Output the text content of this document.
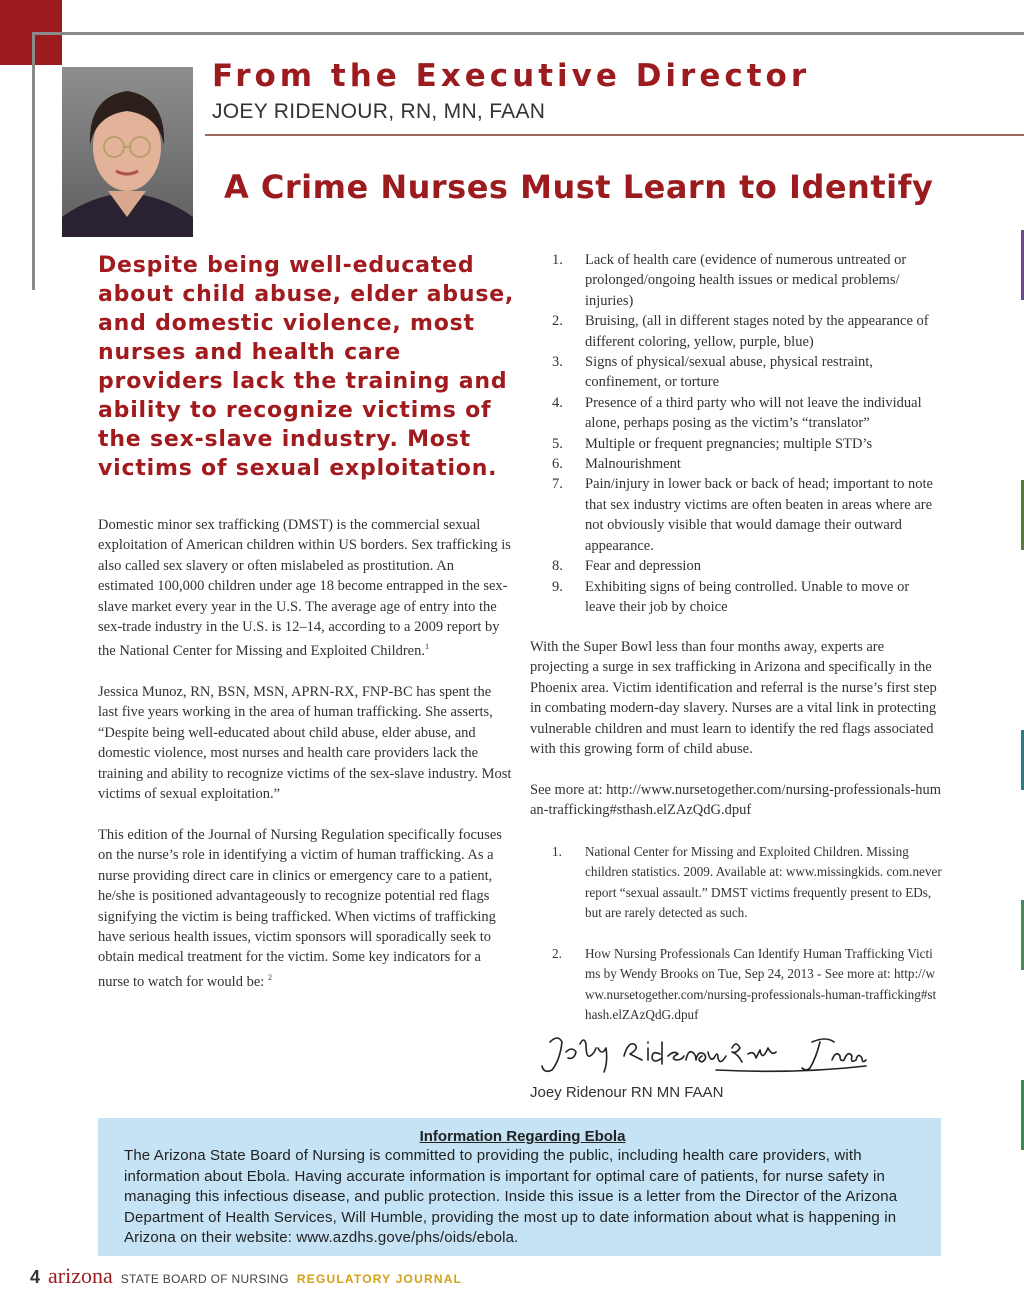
From the Executive Director
JOEY RIDENOUR, RN, MN, FAAN
A Crime Nurses Must Learn to Identify

Despite being well-educated about child abuse, elder abuse, and domestic violence, most nurses and health care providers lack the training and ability to recognize victims of the sex-slave industry. Most victims of sexual exploitation.

Domestic minor sex trafficking (DMST) is the commercial sexual exploitation of American children within US borders. Sex trafficking is also called sex slavery or often mislabeled as prostitution. An estimated 100,000 children under age 18 become entrapped in the sex-slave market every year in the U.S. The average age of entry into the sex-trade industry in the U.S. is 12–14, according to a 2009 report by the National Center for Missing and Exploited Children.$^1$

Jessica Munoz, RN, BSN, MSN, APRN-RX, FNP-BC has spent the last five years working in the area of human trafficking. She asserts, “Despite being well-educated about child abuse, elder abuse, and domestic violence, most nurses and health care providers lack the training and ability to recognize victims of the sex-slave industry. Most victims of sexual exploitation.”

This edition of the Journal of Nursing Regulation specifically focuses on the nurse’s role in identifying a victim of human trafficking. As a nurse providing direct care in clinics or emergency care to a patient, he/she is positioned advantageously to recognize potential red flags signifying the victim is being trafficked. When victims of trafficking have serious health issues, victim sponsors will sporadically seek to obtain medical treatment for the victim. Some key indicators for a nurse to watch for would be: $^2$

1.	Lack of health care (evidence of numerous untreated or prolonged/ongoing health issues or medical problems/ injuries)
2.	Bruising, (all in different stages noted by the appearance of different coloring, yellow, purple, blue)
3.	Signs of physical/sexual abuse, physical restraint, confinement, or torture
4.	Presence of a third party who will not leave the individual alone, perhaps posing as the victim’s “translator”
5.	Multiple or frequent pregnancies; multiple STD’s
6.	Malnourishment
7.	Pain/injury in lower back or back of head; important to note that sex industry victims are often beaten in areas where are not obviously visible that would damage their outward appearance.
8.	Fear and depression
9.	Exhibiting signs of being controlled. Unable to move or leave their job by choice

With the Super Bowl less than four months away, experts are projecting a surge in sex trafficking in Arizona and specifically in the Phoenix area. Victim identification and referral is the nurse’s first step in combating modern-day slavery. Nurses are a vital link in protecting vulnerable children and must learn to identify the red flags associated with this growing form of child abuse.

See more at: http://www.nursetogether.com/nursing-professionals-human-trafficking#sthash.elZAzQdG.dpuf

1.	National Center for Missing and Exploited Children. Missing children statistics. 2009. Available at: www.missingkids. com.never report “sexual assault.” DMST victims frequently present to EDs, but are rarely detected as such.
2.	How Nursing Professionals Can Identify Human Trafficking Victims by Wendy Brooks on Tue, Sep 24, 2013 - See more at: http://www.nursetogether.com/nursing-professionals-human-trafficking#sthash.elZAzQdG.dpuf
Joey Ridenour RN MN FAAN
Information Regarding Ebola

The Arizona State Board of Nursing is committed to providing the public, including health care providers, with information about Ebola. Having accurate information is important for optimal care of patients, for nurse safety in managing this infectious disease, and public protection. Inside this issue is a letter from the Director of the Arizona Department of Health Services, Will Humble, providing the most up to date information about what is happening in Arizona on their website: www.azdhs.gove/phs/oids/ebola.

4 arizona STATE BOARD OF NURSING REGULATORY JOURNAL
